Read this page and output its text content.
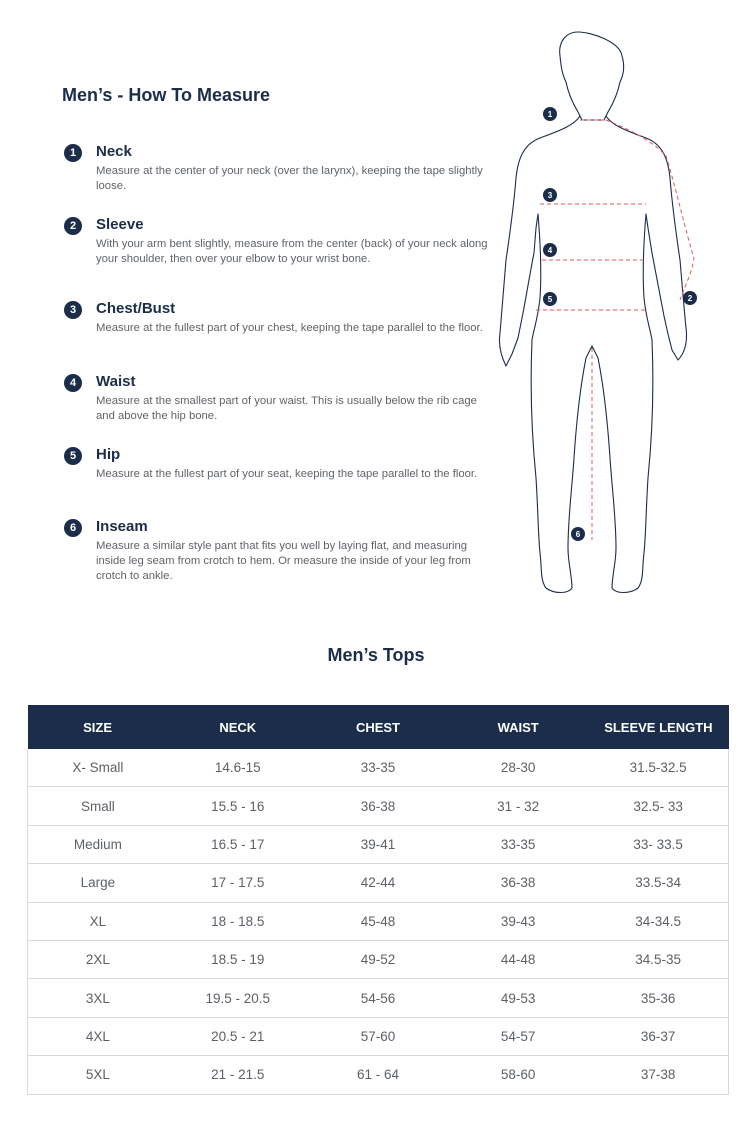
Men’s - How To Measure
1	Neck

Measure at the center of your neck (over the larynx), keeping the tape slightly loose.

2	Sleeve

With your arm bent slightly, measure from the center (back) of your neck along your shoulder, then over your elbow to your wrist bone.

3	Chest/Bust

Measure at the fullest part of your chest, keeping the tape parallel to the floor.

4	Waist

Measure at the smallest part of your waist. This is usually below the rib cage and above the hip bone.

5	Hip

Measure at the fullest part of your seat, keeping the tape parallel to the floor.

6	Inseam

Measure a similar style pant that fits you well by laying flat, and measuring inside leg seam from crotch to hem. Or measure the inside of your leg from crotch to ankle.

1
2
3
4
5
6
Men’s Tops
SIZE	NECK	CHEST	WAIST	SLEEVE LENGTH
X- Small	14.6-15	33-35	28-30	31.5-32.5
Small	15.5 - 16	36-38	31 - 32	32.5- 33
Medium	16.5 - 17	39-41	33-35	33- 33.5
Large	17 - 17.5	42-44	36-38	33.5-34
XL	18 - 18.5	45-48	39-43	34-34.5
2XL	18.5 - 19	49-52	44-48	34.5-35
3XL	19.5 - 20.5	54-56	49-53	35-36
4XL	20.5 - 21	57-60	54-57	36-37
5XL	21 - 21.5	61 - 64	58-60	37-38
